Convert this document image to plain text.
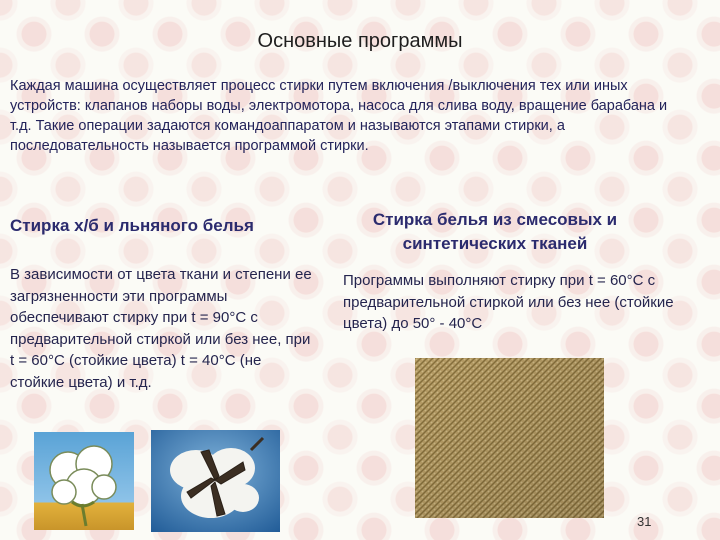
Основные программы
Каждая машина осуществляет процесс стирки путем включения /выключения тех или иных устройств: клапанов наборы воды, электромотора, насоса для слива воду, вращение барабана и т.д. Такие операции задаются командоаппаратом и называются этапами стирки, а последовательность называется программой стирки.
Стирка х/б и льняного белья	Стирка белья из смесовых и синтетических тканей
В зависимости от цвета ткани и степени ее загрязненности эти программы обеспечивают стирку при t = 90°С с предварительной стиркой или без нее, при t = 60°С (стойкие цвета) t = 40°С (не стойкие цвета) и т.д.
Программы выполняют стирку при t = 60°С с предварительной стиркой или без нее (стойкие цвета) до 50° - 40°С
31
